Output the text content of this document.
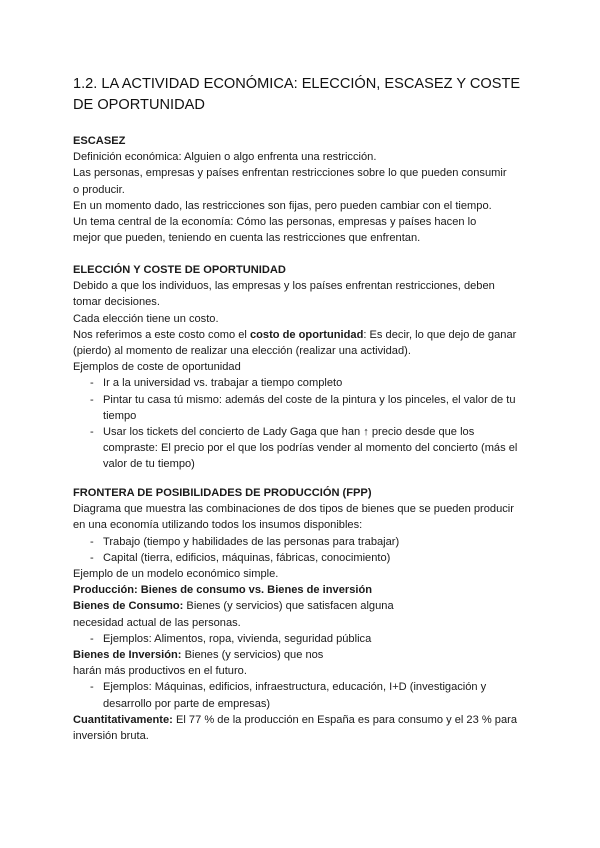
1.2. LA ACTIVIDAD ECONÓMICA: ELECCIÓN, ESCASEZ Y COSTE DE OPORTUNIDAD
ESCASEZ

Definición económica: Alguien o algo enfrenta una restricción.

Las personas, empresas y países enfrentan restricciones sobre lo que pueden consumir o producir.

En un momento dado, las restricciones son fijas, pero pueden cambiar con el tiempo.

Un tema central de la economía: Cómo las personas, empresas y países hacen lo mejor que pueden, teniendo en cuenta las restricciones que enfrentan.

ELECCIÓN Y COSTE DE OPORTUNIDAD

Debido a que los individuos, las empresas y los países enfrentan restricciones, deben tomar decisiones.

Cada elección tiene un costo.

Nos referimos a este costo como el costo de oportunidad: Es decir, lo que dejo de ganar (pierdo) al momento de realizar una elección (realizar una actividad).

Ejemplos de coste de oportunidad

- Ir a la universidad vs. trabajar a tiempo completo
- Pintar tu casa tú mismo: además del coste de la pintura y los pinceles, el valor de tu tiempo
- Usar los tickets del concierto de Lady Gaga que han ↑ precio desde que los compraste: El precio por el que los podrías vender al momento del concierto (más el valor de tu tiempo)
FRONTERA DE POSIBILIDADES DE PRODUCCIÓN (FPP)

Diagrama que muestra las combinaciones de dos tipos de bienes que se pueden producir en una economía utilizando todos los insumos disponibles:

- Trabajo (tiempo y habilidades de las personas para trabajar)
- Capital (tierra, edificios, máquinas, fábricas, conocimiento)

Ejemplo de un modelo económico simple.

Producción: Bienes de consumo vs. Bienes de inversión

Bienes de Consumo: Bienes (y servicios) que satisfacen alguna necesidad actual de las personas.

- Ejemplos: Alimentos, ropa, vivienda, seguridad pública

Bienes de Inversión: Bienes (y servicios) que nos harán más productivos en el futuro.

- Ejemplos: Máquinas, edificios, infraestructura, educación, I+D (investigación y desarrollo por parte de empresas)

Cuantitativamente: El 77 % de la producción en España es para consumo y el 23 % para inversión bruta.
